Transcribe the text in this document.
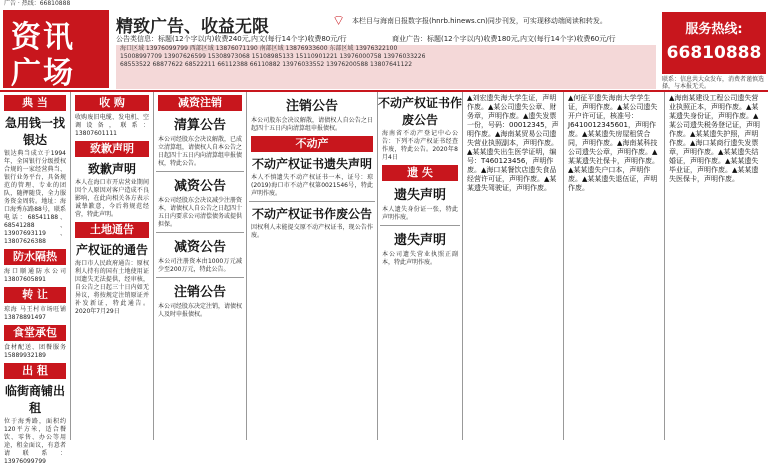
广告 · 热线：66810888
资讯
广场
精致广告、收益无限	⌔ 本栏目与海南日报数字报(hnrb.hinews.cn)同步刊发，可实现移动端阅读和转发。
服务热线:
66810888
公告类信息：标题(12个字以内)收费240元,内文(每行14个字)收费80元/行	商业广告：标题(12个字以内)收费180元,内文(每行14个字)收费60元/行
海口区域 13976099799 西部区域 13876071190 南部区域 13876933600 东部区域 13976322100
15008997709 13907626599 15308973068 15108985133 15110901221 13976000758 13976033226
68553522 68877622 68522211 66112388 66110882 13976033552 13976200588 13807641122
联系：信息共大众发布，消费者谨慎选择，与本报无关。
典 当
急用钱一找银达
银达典当成立于1994年，全国银行分级授权合规的一家经营典当、银行业务平台，具备规范的管理、专业的团队，随押随贷，全力服务资金周转。地址：海口海秀东路88号，联系电话：68541188、68541288、13907693119、13807626388
防水隔热
海口顺通防水公司 13807605891
转 让
琼海 马王村市场旺铺 13878891497
食堂承包
食材配送、团餐服务 15889932189
出 租
临街商铺出租
位于海秀路，面积约120平方米，适合餐饮、零售、办公等用途，租金面议，有意者请联系：13976099799
收 购
收购废旧电缆、发电机、空调设备，联系：13807601111
致歉声明
致歉声明
本人在海口市开店营业期间因个人原因对客户造成不良影响，在此向相关各方表示诚挚歉意，今后将规范经营，特此声明。
土地通告
产权证的通告
海口市人民政府通告：原权利人持有的国有土地使用证因遗失无法提供，经审核，自公告之日起三十日内如无异议，将按规定注销原证并补发新证，特此通告。2020年7月29日
减资注销
清算公告
本公司经股东会决议解散，已成立清算组，请债权人自本公告之日起四十五日内向清算组申报债权，特此公告。
减资公告
本公司经股东会决议减少注册资本，请债权人自公告之日起四十五日内要求公司清偿债务或提供担保。
减资公告
本公司注册资本由1000万元减少至200万元，特此公告。
注销公告
本公司经股东决定注销，请债权人及时申报债权。
注销公告
本公司股东会决议解散，请债权人自公告之日起四十五日内向清算组申报债权。
不动产
不动产权证书遗失声明
本人不慎遗失不动产权证书一本，证号：琼(2019)海口市不动产权第0021546号，特此声明作废。
不动产权证书作废公告
因权利人未能提交原不动产权证书，现公告作废。
不动产权证书作废公告
海南省不动产登记中心公告：下列不动产权证书经查作废，特此公告。2020年8月4日
遗 失
遗失声明
本人遗失身份证一张，特此声明作废。
遗失声明
本公司遗失营业执照正副本，特此声明作废。
▲刘宏遗失海大学生证，声明作废。▲某公司遗失公章、财务章，声明作废。▲遗失发票一份，号码：00012345，声明作废。▲海南某贸易公司遗失营业执照副本，声明作废。▲某某遗失出生医学证明，编号：T460123456，声明作废。▲海口某餐饮店遗失食品经营许可证，声明作废。▲某某遗失驾驶证，声明作废。
▲何征平遗失海南大学学生证，声明作废。▲某公司遗失开户许可证，核准号：J6410012345601，声明作废。▲某某遗失房屋租赁合同，声明作废。▲海南某科技公司遗失公章，声明作废。▲某某遗失社保卡，声明作废。▲某某遗失户口本，声明作废。▲某某遗失退伍证，声明作废。
▲海南某建设工程公司遗失营业执照正本，声明作废。▲某某遗失身份证，声明作废。▲某公司遗失税务登记证，声明作废。▲某某遗失护照，声明作废。▲海口某商行遗失发票章，声明作废。▲某某遗失结婚证，声明作废。▲某某遗失毕业证，声明作废。▲某某遗失医保卡，声明作废。
